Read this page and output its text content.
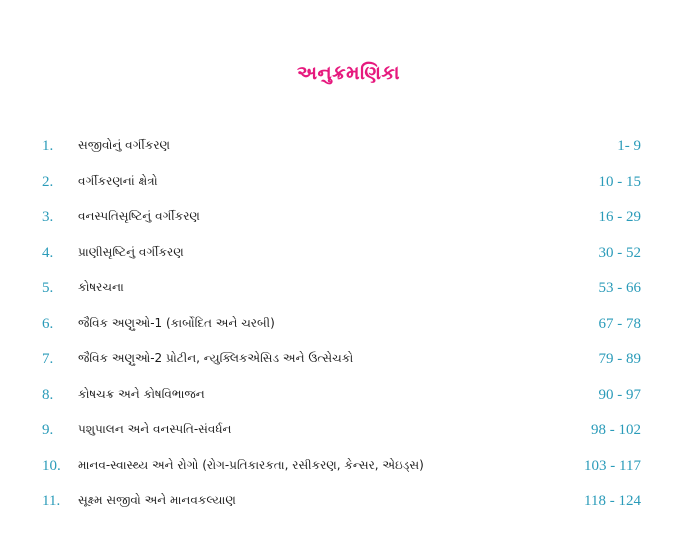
અનુક્રમણિકા
1. સજીવોનું વર્ગીકરણ	1- 9
2. વર્ગીકરણનાં ક્ષેત્રો	10 - 15
3. વનસ્પતિસૃષ્ટિનું વર્ગીકરણ	16 - 29
4. પ્રાણીસૃષ્ટિનું વર્ગીકરણ	30 - 52
5. કોષરચના	53 - 66
6. જૈવિક અણુઓ-1 (કાર્બોદિત અને ચરબી)	67 - 78
7. જૈવિક અણુઓ-2 પ્રોટીન, ન્યુક્લિકએસિડ અને ઉત્સેચકો	79 - 89
8. કોષચક્ર અને કોષવિભાજન	90 - 97
9. પશુપાલન અને વનસ્પતિ-સંવર્ધન	98 - 102
10. માનવ-સ્વાસ્થ્ય અને રોગો (રોગ-પ્રતિકારકતા, રસીકરણ, કેન્સર, એઇડ્સ)	103 - 117
11. સૂક્ષ્મ સજીવો અને માનવકલ્યાણ	118 - 124
